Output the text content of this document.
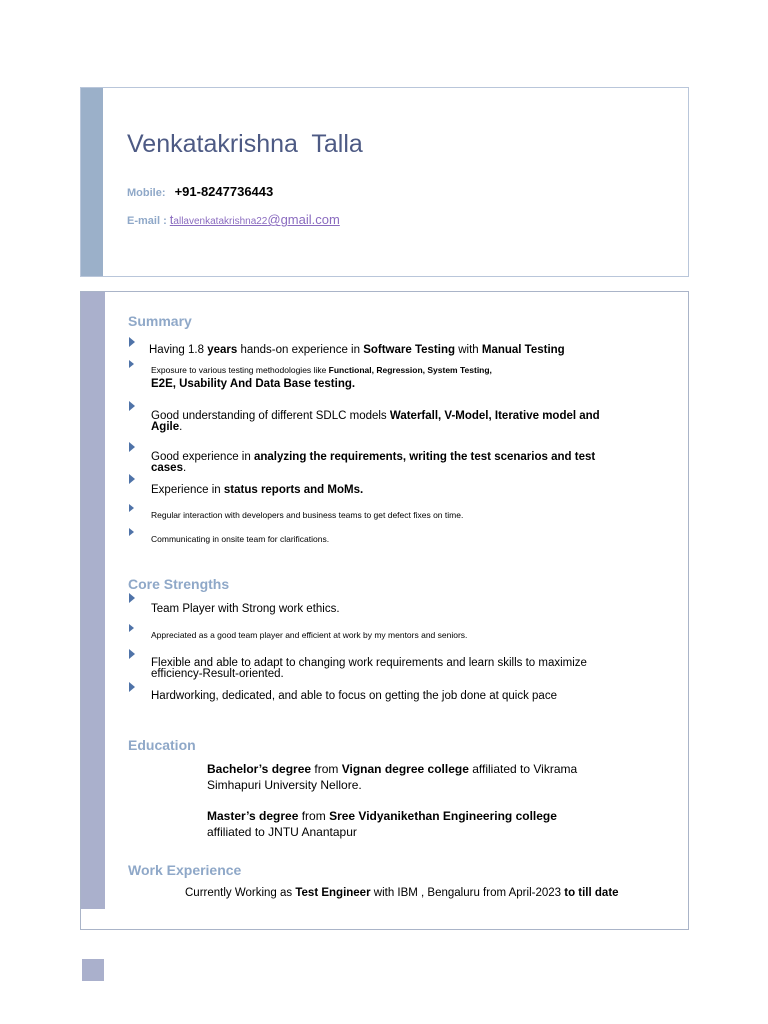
Venkatakrishna  Talla
Mobile: +91-8247736443
E-mail : tallavenkatakrishna22@gmail.com
Summary
Having 1.8 years hands-on experience in Software Testing with Manual Testing
Exposure to various testing methodologies like Functional, Regression, System Testing,
E2E, Usability And Data Base testing.
Good understanding of different SDLC models Waterfall, V-Model, Iterative model and Agile.
Good experience in analyzing the requirements, writing the test scenarios and test cases.
Experience in status reports and MoMs.
Regular interaction with developers and business teams to get defect fixes on time.
Communicating in onsite team for clarifications.
Core Strengths
Team Player with Strong work ethics.
Appreciated as a good team player and efficient at work by my mentors and seniors.
Flexible and able to adapt to changing work requirements and learn skills to maximize efficiency-Result-oriented.
Hardworking, dedicated, and able to focus on getting the job done at quick pace
Education
Bachelor’s degree from Vignan degree college affiliated to Vikrama Simhapuri University Nellore.
Master’s degree from Sree Vidyanikethan Engineering college
affiliated to JNTU Anantapur
Work Experience
Currently Working as Test Engineer with IBM , Bengaluru from April-2023 to till date
